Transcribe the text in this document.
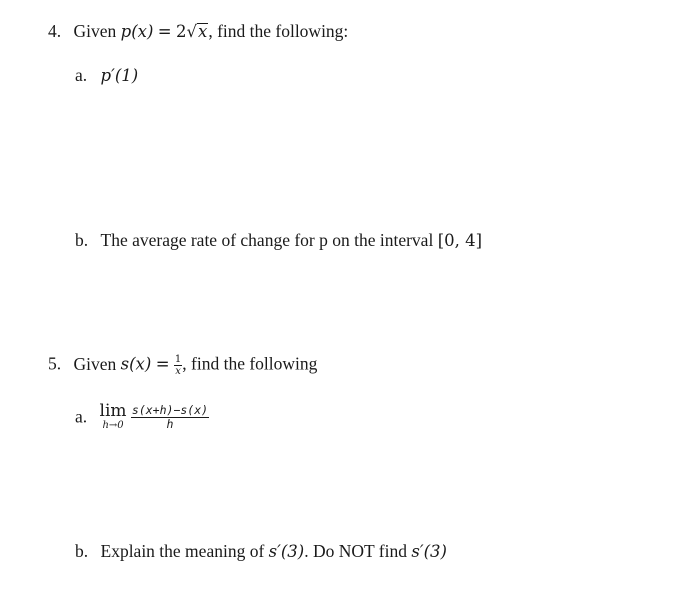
4. Given p(x) = 2√x, find the following:
a. p′(1)
b. The average rate of change for p on the interval [0, 4]
5. Given $s(x) = \frac{1}{x}$ , find the following
a. lim
h→0
$\frac{s(x+h)-s(x)}{h}$
b. Explain the meaning of s′(3). Do NOT find s′(3)
